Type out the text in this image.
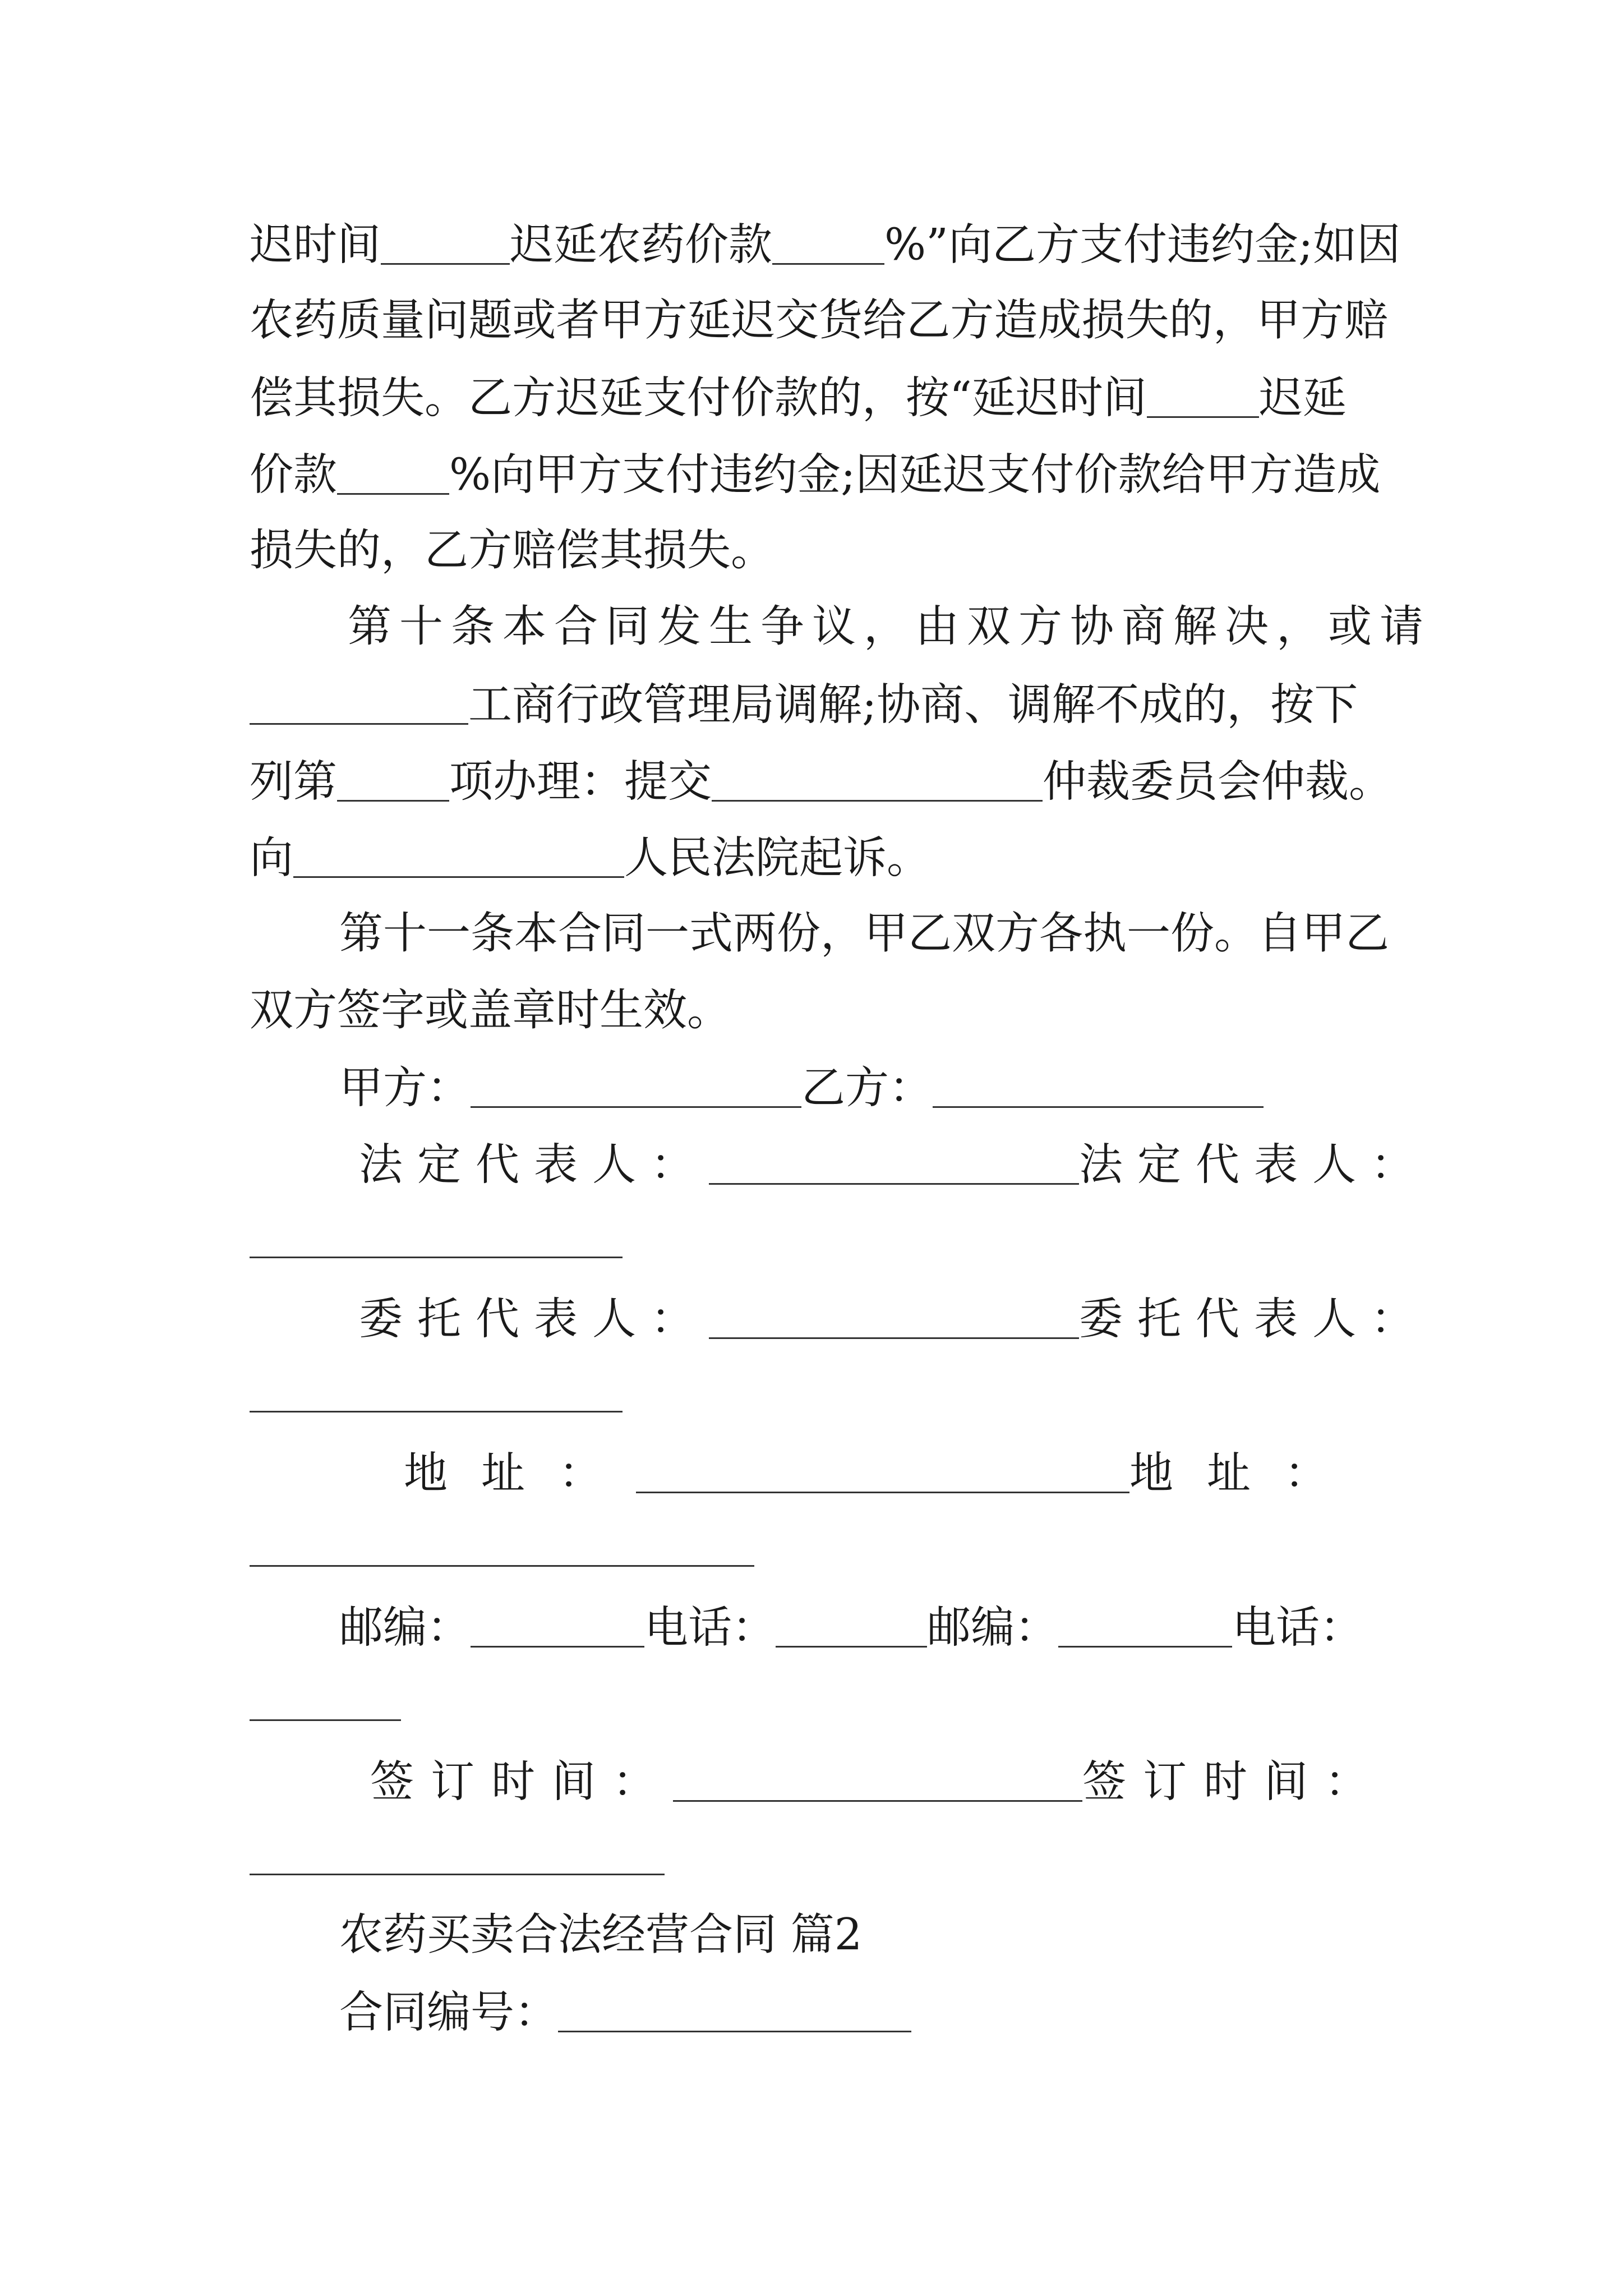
迟时间	迟延农药价款	%”向乙方支付违约金;如因
农药质量问题或者甲方延迟交货给乙方造成损失的，甲方赔
偿其损失。乙方迟延支付价款的，按“延迟时间	迟延
价款	%向甲方支付违约金;因延迟支付价款给甲方造成
损失的，乙方赔偿其损失。
第十条本合同发生争议，由双方协商解决，或请
工商行政管理局调解;协商、调解不成的，按下
列第	项办理：提交	仲裁委员会仲裁。
向	人民法院起诉。
第十一条本合同一式两份，甲乙双方各执一份。自甲乙
双方签字或盖章时生效。
甲方：	乙方：
法定代表人：	法定代表人：
委托代表人：	委托代表人：
地址：	地址：
邮编：	电话：	邮编：	电话：
签订时间：	签订时间：
农药买卖合法经营合同 篇2
合同编号：
